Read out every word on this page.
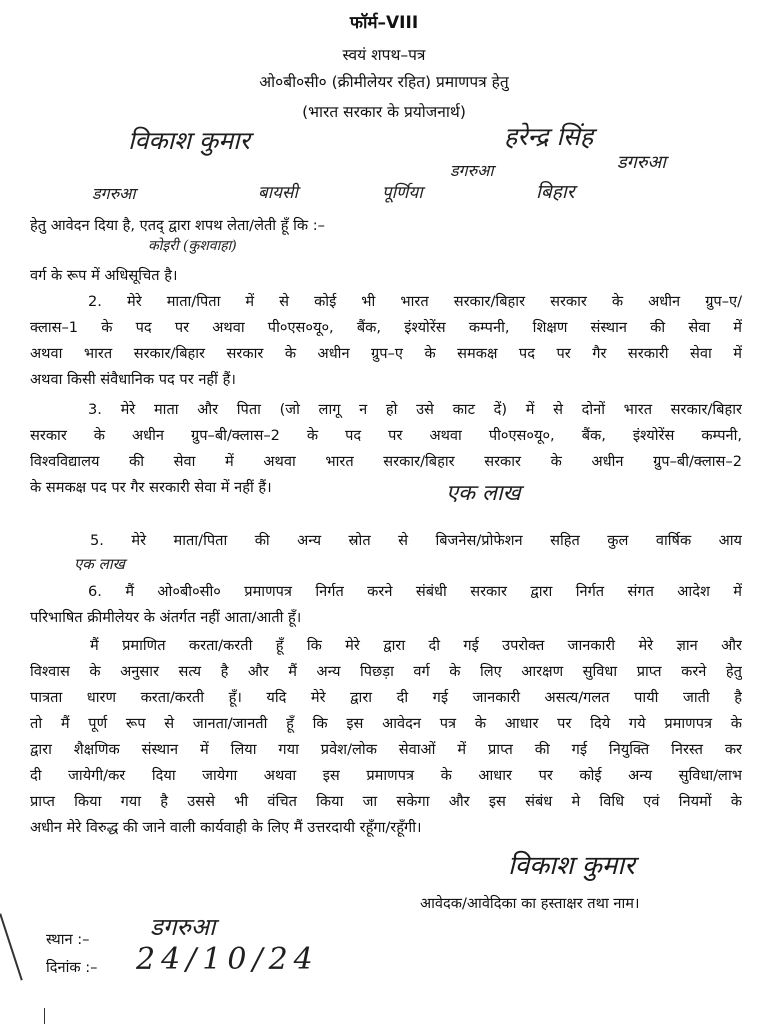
फॉर्म–VIII
स्वयं शपथ–पत्र
ओ०बी०सी० (क्रीमीलेयर रहित) प्रमाणपत्र हेतु
(भारत सरकार के प्रयोजनार्थ)
विकाश कुमार	हरेन्द्र सिंह
डगरुआ	डगरुआ
डगरुआ	बायसी	पूर्णिया	बिहार
हेतु आवेदन दिया है, एतद् द्वारा शपथ लेता/लेती हूँ कि :–
कोइरी (कुशवाहा)
वर्ग के रूप में अधिसूचित है।
2. मेरे माता/पिता में से कोई भी भारत सरकार/बिहार सरकार के अधीन ग्रुप–ए/
क्लास–1 के पद पर अथवा पी०एस०यू०, बैंक, इंश्योरेंस कम्पनी, शिक्षण संस्थान की सेवा में
अथवा भारत सरकार/बिहार सरकार के अधीन ग्रुप–ए के समकक्ष पद पर गैर सरकारी सेवा में
अथवा किसी संवैधानिक पद पर नहीं हैं।
3. मेरे माता और पिता (जो लागू न हो उसे काट दें) में से दोनों भारत सरकार/बिहार
सरकार के अधीन ग्रुप–बी/क्लास–2 के पद पर अथवा पी०एस०यू०, बैंक, इंश्योरेंस कम्पनी,
विश्वविद्यालय की सेवा में अथवा भारत सरकार/बिहार सरकार के अधीन ग्रुप–बी/क्लास–2
के समकक्ष पद पर गैर सरकारी सेवा में नहीं हैं।	एक लाख
5. मेरे माता/पिता की अन्य स्रोत से बिजनेस/प्रोफेशन सहित कुल वार्षिक आय
एक लाख
6. मैं ओ०बी०सी० प्रमाणपत्र निर्गत करने संबंधी सरकार द्वारा निर्गत संगत आदेश में
परिभाषित क्रीमीलेयर के अंतर्गत नहीं आता/आती हूँ।
मैं प्रमाणित करता/करती हूँ कि मेरे द्वारा दी गई उपरोक्त जानकारी मेरे ज्ञान और
विश्वास के अनुसार सत्य है और मैं अन्य पिछड़ा वर्ग के लिए आरक्षण सुविधा प्राप्त करने हेतु
पात्रता धारण करता/करती हूँ। यदि मेरे द्वारा दी गई जानकारी असत्य/गलत पायी जाती है
तो मैं पूर्ण रूप से जानता/जानती हूँ कि इस आवेदन पत्र के आधार पर दिये गये प्रमाणपत्र के
द्वारा शैक्षणिक संस्थान में लिया गया प्रवेश/लोक सेवाओं में प्राप्त की गई नियुक्ति निरस्त कर
दी जायेगी/कर दिया जायेगा अथवा इस प्रमाणपत्र के आधार पर कोई अन्य सुविधा/लाभ
प्राप्त किया गया है उससे भी वंचित किया जा सकेगा और इस संबंध मे विधि एवं नियमों के
अधीन मेरे विरुद्ध की जाने वाली कार्यवाही के लिए मैं उत्तरदायी रहूँगा/रहूँगी।
विकाश कुमार
आवेदक/आवेदिका का हस्ताक्षर तथा नाम।
स्थान :–	डगरुआ
दिनांक :–	24/10/24
